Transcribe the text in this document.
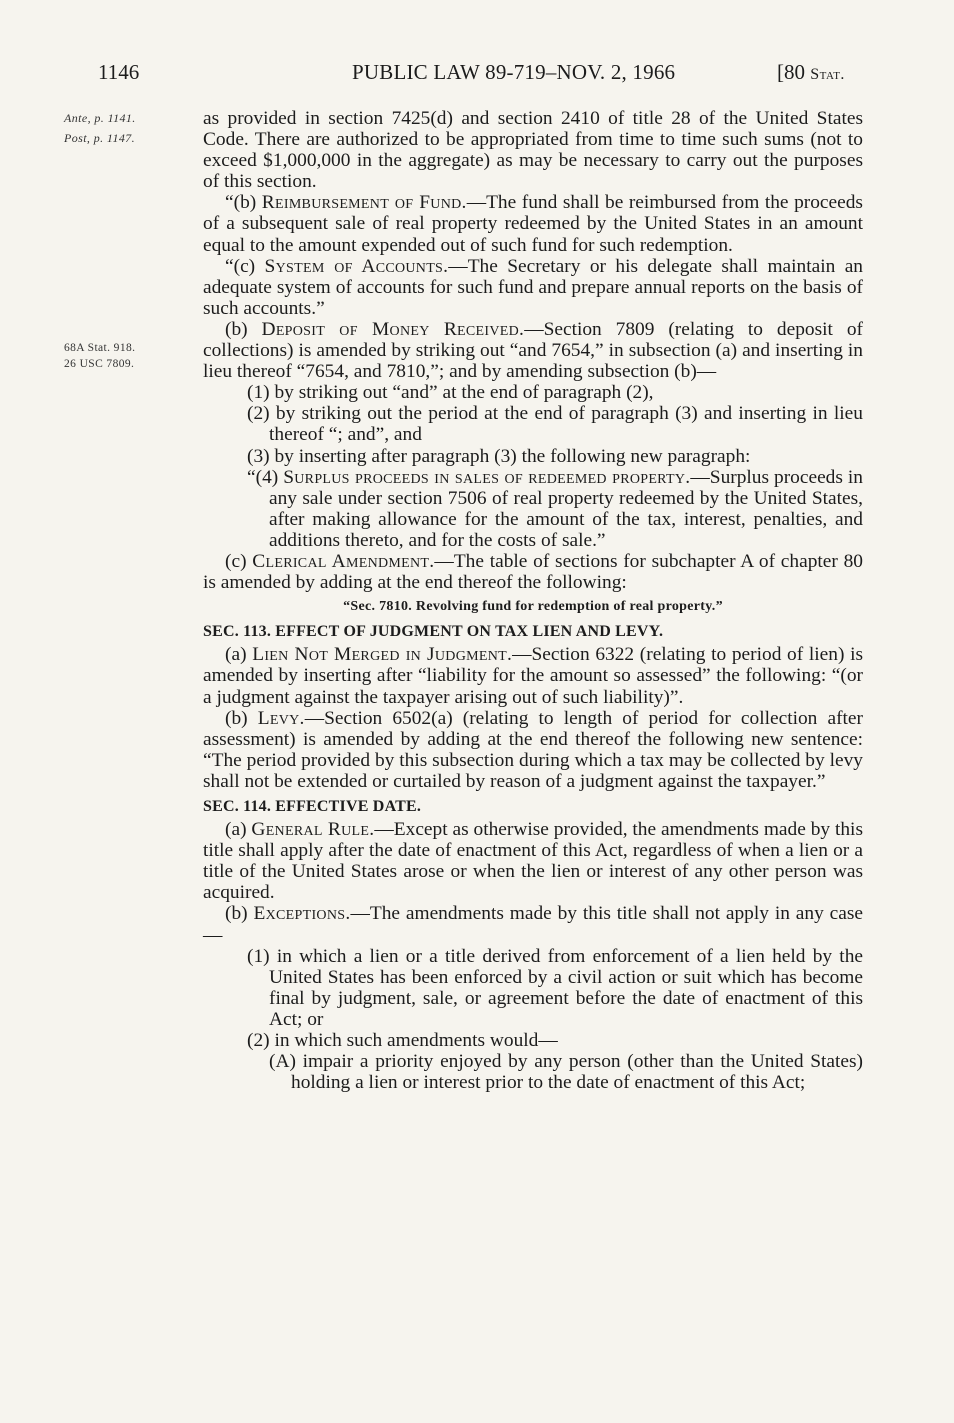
1146	PUBLIC LAW 89-719–NOV. 2, 1966	[80 Stat.
Ante, p. 1141.
Post, p. 1147.
68A Stat. 918.
26 USC 7809.

as provided in section 7425(d) and section 2410 of title 28 of the United States Code. There are authorized to be appropriated from time to time such sums (not to exceed $1,000,000 in the aggregate) as may be necessary to carry out the purposes of this section.

“(b) Reimbursement of Fund.—The fund shall be reimbursed from the proceeds of a subsequent sale of real property redeemed by the United States in an amount equal to the amount expended out of such fund for such redemption.

“(c) System of Accounts.—The Secretary or his delegate shall maintain an adequate system of accounts for such fund and prepare annual reports on the basis of such accounts.”

(b) Deposit of Money Received.—Section 7809 (relating to deposit of collections) is amended by striking out “and 7654,” in subsection (a) and inserting in lieu thereof “7654, and 7810,”; and by amending subsection (b)—

(1) by striking out “and” at the end of paragraph (2),

(2) by striking out the period at the end of paragraph (3) and inserting in lieu thereof “; and”, and

(3) by inserting after paragraph (3) the following new paragraph:

“(4) Surplus proceeds in sales of redeemed property.—Surplus proceeds in any sale under section 7506 of real property redeemed by the United States, after making allowance for the amount of the tax, interest, penalties, and additions thereto, and for the costs of sale.”

(c) Clerical Amendment.—The table of sections for subchapter A of chapter 80 is amended by adding at the end thereof the following:

“Sec. 7810. Revolving fund for redemption of real property.”

SEC. 113. EFFECT OF JUDGMENT ON TAX LIEN AND LEVY.

(a) Lien Not Merged in Judgment.—Section 6322 (relating to period of lien) is amended by inserting after “liability for the amount so assessed” the following: “(or a judgment against the taxpayer arising out of such liability)”.

(b) Levy.—Section 6502(a) (relating to length of period for collection after assessment) is amended by adding at the end thereof the following new sentence: “The period provided by this subsection during which a tax may be collected by levy shall not be extended or curtailed by reason of a judgment against the taxpayer.”

SEC. 114. EFFECTIVE DATE.

(a) General Rule.—Except as otherwise provided, the amendments made by this title shall apply after the date of enactment of this Act, regardless of when a lien or a title of the United States arose or when the lien or interest of any other person was acquired.

(b) Exceptions.—The amendments made by this title shall not apply in any case—

(1) in which a lien or a title derived from enforcement of a lien held by the United States has been enforced by a civil action or suit which has become final by judgment, sale, or agreement before the date of enactment of this Act; or

(2) in which such amendments would—

(A) impair a priority enjoyed by any person (other than the United States) holding a lien or interest prior to the date of enactment of this Act;
